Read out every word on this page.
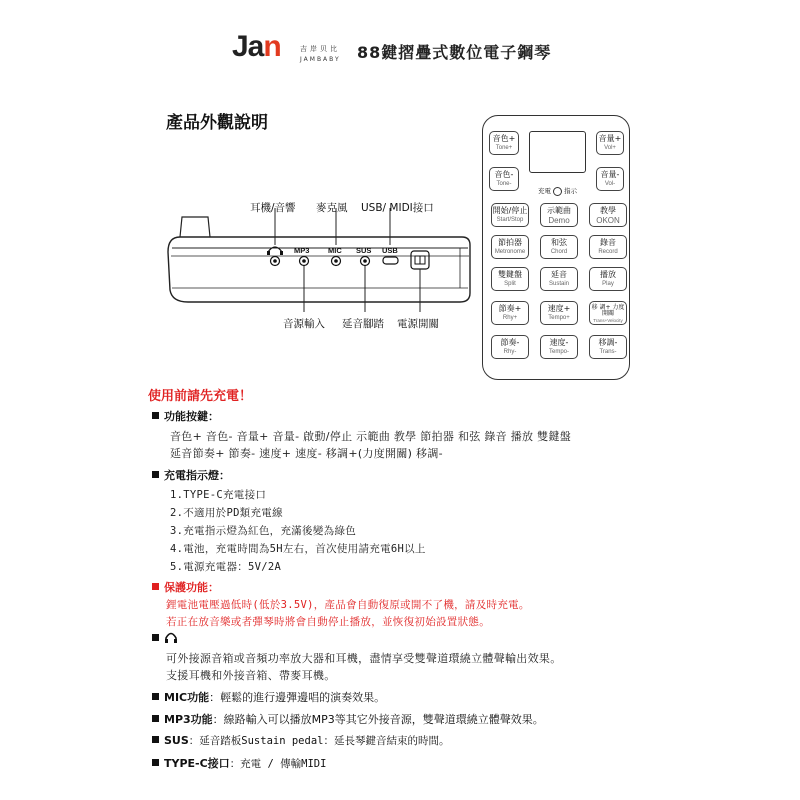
Jan	吉岸贝比
JAMBABY 88鍵摺疊式數位電子鋼琴
產品外觀說明
耳機/音響 麥克風 USB/ MIDI接口
MP3 MIC SUS USB
音源輸入 延音腳踏 電源開關
音色+
Tone+
音量+
Vol+
音色-
Tone-
音量-
Vol-
充電 指示
開始/停止
Start/Stop
示範曲
Demo
教學
OKON
節拍器
Metronome
和弦
Chord
錄音
Record
雙鍵盤
Split
延音
Sustain
播放
Play
節奏+
Rhy+
速度+
Tempo+
移 調+ 力度開關
Trans+Velocity
節奏-
Rhy-
速度-
Tempo-
移調-
Trans-
使用前請先充電！
功能按鍵：
音色+ 音色- 音量+ 音量- 啟動/停止 示範曲 教學 節拍器 和弦 錄音 播放 雙鍵盤
延音節奏+ 節奏- 速度+ 速度- 移調+(力度開關) 移調-
充電指示燈：
1.TYPE-C充電接口
2.不適用於PD類充電線
3.充電指示燈為紅色，充滿後變為綠色
4.電池，充電時間為5H左右，首次使用請充電6H以上
5.電源充電器：5V/2A
保護功能：
鋰電池電壓過低時(低於3.5V)，產品會自動復原或開不了機，請及時充電。
若正在放音樂或者彈琴時將會自動停止播放，並恢復初始設置狀態。
可外接源音箱或音頻功率放大器和耳機，盡情享受雙聲道環繞立體聲輸出效果。
支援耳機和外接音箱、帶麥耳機。
MIC功能：輕鬆的進行邊彈邊唱的演奏效果。
MP3功能：線路輸入可以播放MP3等其它外接音源，雙聲道環繞立體聲效果。
SUS：延音踏板Sustain pedal：延長琴鍵音結束的時間。
TYPE-C接口：充電 / 傳輸MIDI
